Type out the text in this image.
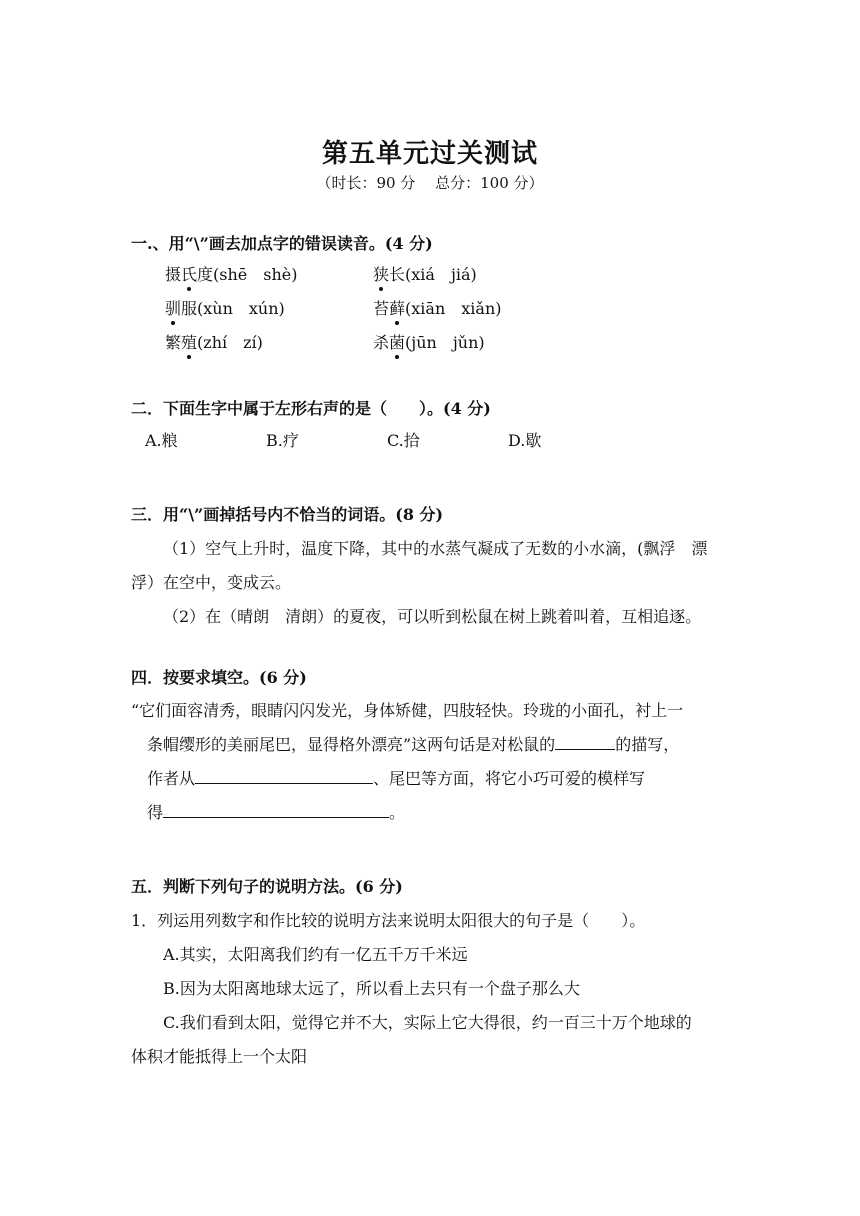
第五单元过关测试
（时长：90 分　 总分：100 分）
一.、用“\”画去加点字的错误读音。(4 分)
摄氏度(shē　shè)	狭长(xiá　jiá)
驯服(xùn　xún)	苔藓(xiān　xiǎn)
繁殖(zhí　zí)	杀菌(jūn　jǔn)
二．下面生字中属于左形右声的是（ ）。(4 分)
A.粮	B.疗	C.拾	D.歇
三．用“\”画掉括号内不恰当的词语。(8 分)
（1）空气上升时，温度下降，其中的水蒸气凝成了无数的小水滴，(飘浮　漂
浮）在空中，变成云。
（2）在（晴朗　清朗）的夏夜，可以听到松鼠在树上跳着叫着，互相追逐。
四．按要求填空。(6 分)
“它们面容清秀，眼睛闪闪发光，身体矫健，四肢轻快。玲珑的小面孔，衬上一
条帽缨形的美丽尾巴，显得格外漂亮”这两句话是对松鼠的	的描写，
作者从	、尾巴等方面，将它小巧可爱的模样写
得	。
五．判断下列句子的说明方法。(6 分)
1．列运用列数字和作比较的说明方法来说明太阳很大的句子是（ ）。
A.其实，太阳离我们约有一亿五千万千米远
B.因为太阳离地球太远了，所以看上去只有一个盘子那么大
C.我们看到太阳，觉得它并不大，实际上它大得很，约一百三十万个地球的
体积才能抵得上一个太阳
